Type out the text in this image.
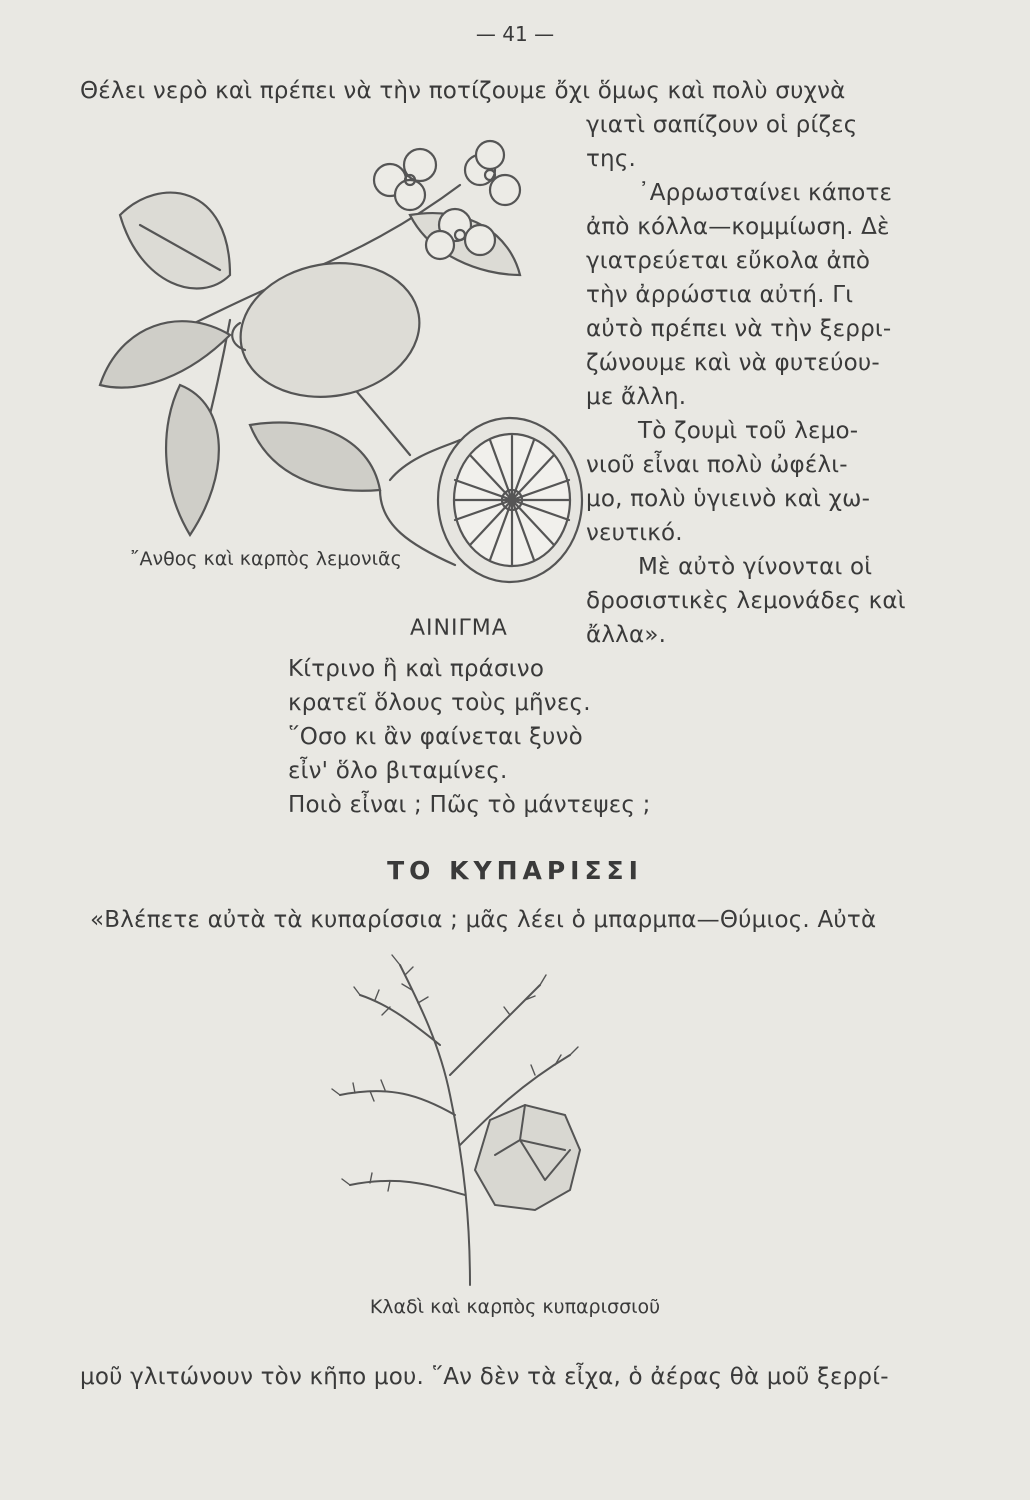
— 41 —
Θέλει νερὸ καὶ πρέπει νὰ τὴν ποτίζουμε ὄχι ὅμως καὶ πολὺ συχνὰ
γιατὶ σαπίζουν οἱ ρίζες
της.
᾿Αρρωσταίνει κάποτε
ἀπὸ κόλλα—κομμίωση. Δὲ
γιατρεύεται εὔκολα ἀπὸ
τὴν ἀρρώστια αὐτή. Γι
αὐτὸ πρέπει νὰ τὴν ξερρι-
ζώνουμε καὶ νὰ φυτεύου-
με ἄλλη.
Τὸ ζουμὶ τοῦ λεμο-
νιοῦ εἶναι πολὺ ὠφέλι-
μο, πολὺ ὑγιεινὸ καὶ χω-
νευτικό.
Μὲ αὐτὸ γίνονται οἱ
δροσιστικὲς λεμονάδες καὶ
ἄλλα».
῎Ανθος καὶ καρπὸς λεμονιᾶς
ΑΙΝΙΓΜΑ
Κίτρινο ἢ καὶ πράσινο
κρατεῖ ὅλους τοὺς μῆνες.
῞Οσο κι ἂν φαίνεται ξυνὸ
εἶν' ὅλο βιταμίνες.
Ποιὸ εἶναι ; Πῶς τὸ μάντεψες ;
ΤΟ ΚΥΠΑΡΙΣΣΙ
«Βλέπετε αὐτὰ τὰ κυπαρίσσια ; μᾶς λέει ὁ μπαρμπα—Θύμιος. Αὐτὰ
Κλαδὶ καὶ καρπὸς κυπαρισσιοῦ
μοῦ γλιτώνουν τὸν κῆπο μου. ῞Αν δὲν τὰ εἶχα, ὁ ἀέρας θὰ μοῦ ξερρί-
